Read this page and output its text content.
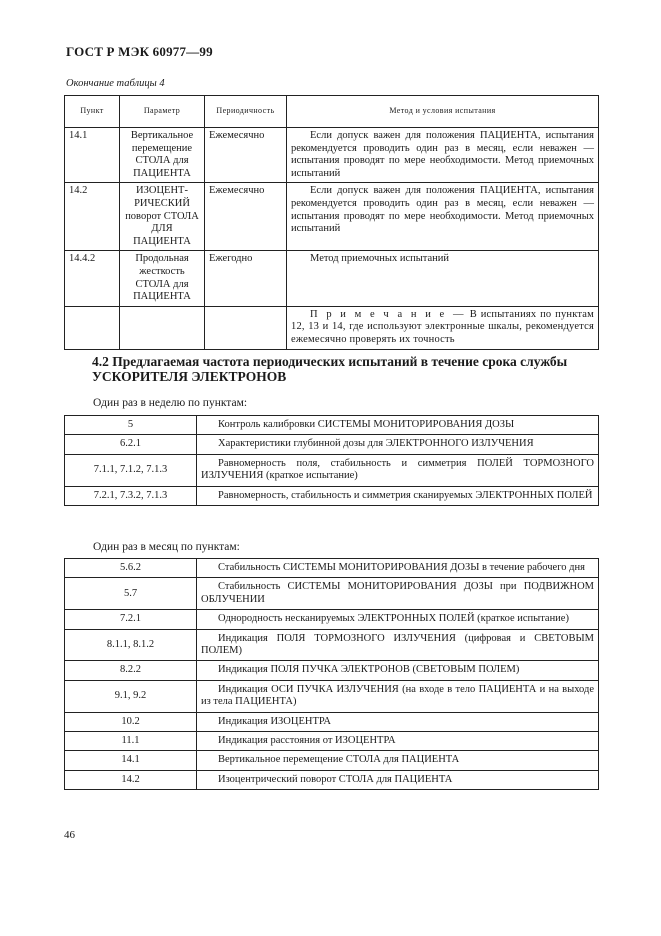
ГОСТ Р МЭК 60977—99
Окончание таблицы 4
Пункт	Параметр	Периодичность	Метод и условия испытания
14.1	Вертикальное перемещение СТОЛА для ПАЦИЕНТА	Ежемесячно	Если допуск важен для положения ПАЦИЕНТА, испытания рекомендуется проводить один раз в месяц, если неважен — испытания проводят по мере необходимости. Метод приемочных испытаний
14.2	ИЗОЦЕНТ-РИЧЕСКИЙ поворот СТОЛА ДЛЯ ПАЦИЕНТА	Ежемесячно	Если допуск важен для положения ПАЦИЕНТА, испытания рекомендуется проводить один раз в месяц, если неважен — испытания проводят по мере необходимости. Метод приемочных испытаний
14.4.2	Продольная жесткость СТОЛА для ПАЦИЕНТА	Ежегодно	Метод приемочных испытаний
			П р и м е ч а н и е — В испытаниях по пунктам 12, 13 и 14, где используют электронные шкалы, рекомендуется ежемесячно проверять их точность
4.2 Предлагаемая частота периодических испытаний в течение срока службы УСКОРИТЕЛЯ ЭЛЕКТРОНОВ
Один раз в неделю по пунктам:
5	Контроль калибровки СИСТЕМЫ МОНИТОРИРОВАНИЯ ДОЗЫ
6.2.1	Характеристики глубинной дозы для ЭЛЕКТРОННОГО ИЗЛУЧЕНИЯ
7.1.1, 7.1.2, 7.1.3	Равномерность поля, стабильность и симметрия ПОЛЕЙ ТОРМОЗНОГО ИЗЛУЧЕНИЯ (краткое испытание)
7.2.1, 7.3.2, 7.1.3	Равномерность, стабильность и симметрия сканируемых ЭЛЕКТРОННЫХ ПОЛЕЙ
Один раз в месяц по пунктам:
5.6.2	Стабильность СИСТЕМЫ МОНИТОРИРОВАНИЯ ДОЗЫ в течение рабочего дня
5.7	Стабильность СИСТЕМЫ МОНИТОРИРОВАНИЯ ДОЗЫ при ПОДВИЖНОМ ОБЛУЧЕНИИ
7.2.1	Однородность несканируемых ЭЛЕКТРОННЫХ ПОЛЕЙ (краткое испытание)
8.1.1, 8.1.2	Индикация ПОЛЯ ТОРМОЗНОГО ИЗЛУЧЕНИЯ (цифровая и СВЕТОВЫМ ПОЛЕМ)
8.2.2	Индикация ПОЛЯ ПУЧКА ЭЛЕКТРОНОВ (СВЕТОВЫМ ПОЛЕМ)
9.1, 9.2	Индикация ОСИ ПУЧКА ИЗЛУЧЕНИЯ (на входе в тело ПАЦИЕНТА и на выходе из тела ПАЦИЕНТА)
10.2	Индикация ИЗОЦЕНТРА
11.1	Индикация расстояния от ИЗОЦЕНТРА
14.1	Вертикальное перемещение СТОЛА для ПАЦИЕНТА
14.2	Изоцентрический поворот СТОЛА для ПАЦИЕНТА
46
